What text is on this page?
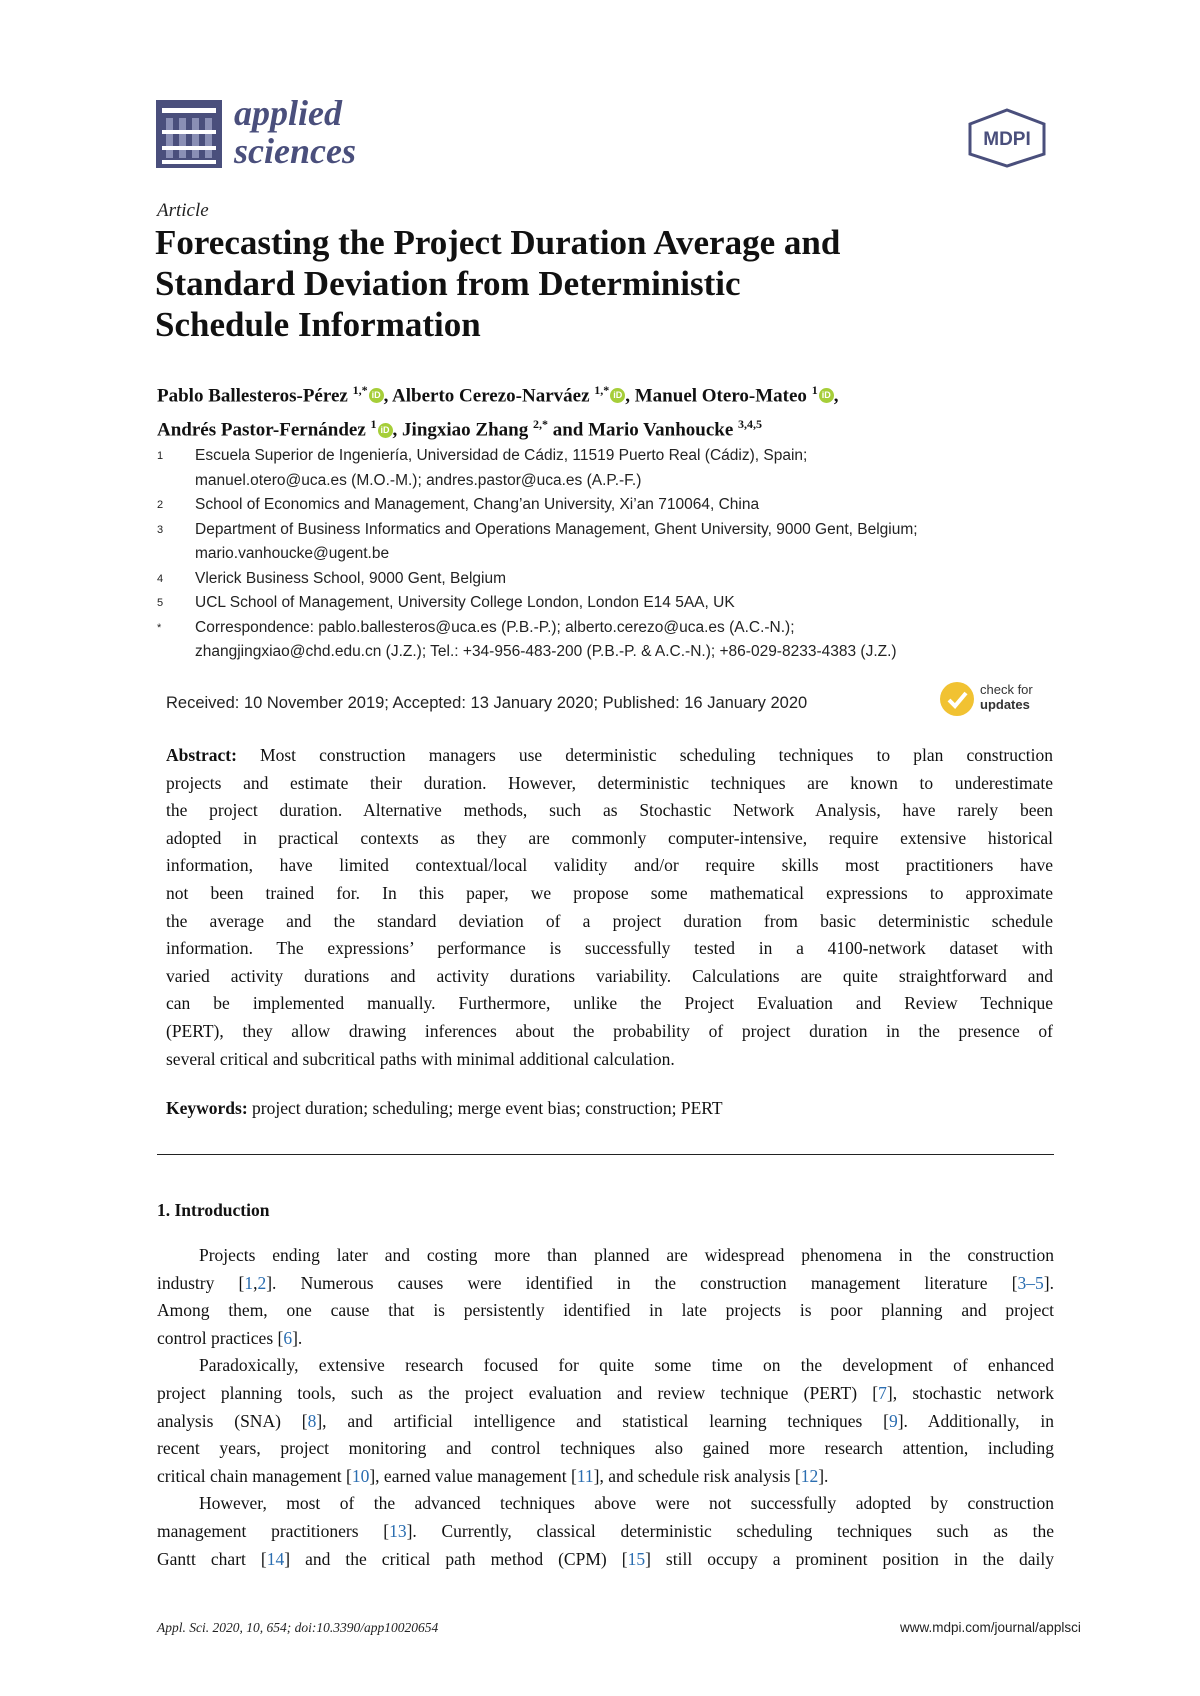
applied
sciences	MDPI
Article
Forecasting the Project Duration Average and
Standard Deviation from Deterministic
Schedule Information
Pablo Ballesteros-Pérez $^{1,*}$ iD , Alberto Cerezo-Narváez $^{1,*}$ iD , Manuel Otero-Mateo $^1$ iD ,
Andrés Pastor-Fernández $^1$ iD , Jingxiao Zhang $^{2,*}$ and Mario Vanhoucke $^{3,4,5}$
1	Escuela Superior de Ingeniería, Universidad de Cádiz, 11519 Puerto Real (Cádiz), Spain;
manuel.otero@uca.es (M.O.-M.); andres.pastor@uca.es (A.P.-F.)
2	School of Economics and Management, Chang’an University, Xi’an 710064, China
3	Department of Business Informatics and Operations Management, Ghent University, 9000 Gent, Belgium;
mario.vanhoucke@ugent.be
4	Vlerick Business School, 9000 Gent, Belgium
5	UCL School of Management, University College London, London E14 5AA, UK
*	Correspondence: pablo.ballesteros@uca.es (P.B.-P.); alberto.cerezo@uca.es (A.C.-N.);
zhangjingxiao@chd.edu.cn (J.Z.); Tel.: +34-956-483-200 (P.B.-P. & A.C.-N.); +86-029-8233-4383 (J.Z.)
Received: 10 November 2019; Accepted: 13 January 2020; Published: 16 January 2020
check for
updates
Abstract: Most construction managers use deterministic scheduling techniques to plan construction
projects and estimate their duration. However, deterministic techniques are known to underestimate
the project duration. Alternative methods, such as Stochastic Network Analysis, have rarely been
adopted in practical contexts as they are commonly computer-intensive, require extensive historical
information, have limited contextual/local validity and/or require skills most practitioners have
not been trained for. In this paper, we propose some mathematical expressions to approximate
the average and the standard deviation of a project duration from basic deterministic schedule
information. The expressions’ performance is successfully tested in a 4100-network dataset with
varied activity durations and activity durations variability. Calculations are quite straightforward and
can be implemented manually. Furthermore, unlike the Project Evaluation and Review Technique
(PERT), they allow drawing inferences about the probability of project duration in the presence of
several critical and subcritical paths with minimal additional calculation.
Keywords: project duration; scheduling; merge event bias; construction; PERT
1. Introduction
Projects ending later and costing more than planned are widespread phenomena in the construction
industry [1,2]. Numerous causes were identified in the construction management literature [3–5].
Among them, one cause that is persistently identified in late projects is poor planning and project
control practices [6].
Paradoxically, extensive research focused for quite some time on the development of enhanced
project planning tools, such as the project evaluation and review technique (PERT) [7], stochastic network
analysis (SNA) [8], and artificial intelligence and statistical learning techniques [9]. Additionally, in
recent years, project monitoring and control techniques also gained more research attention, including
critical chain management [10], earned value management [11], and schedule risk analysis [12].
However, most of the advanced techniques above were not successfully adopted by construction
management practitioners [13]. Currently, classical deterministic scheduling techniques such as the
Gantt chart [14] and the critical path method (CPM) [15] still occupy a prominent position in the daily
Appl. Sci. 2020, 10, 654; doi:10.3390/app10020654	www.mdpi.com/journal/applsci
